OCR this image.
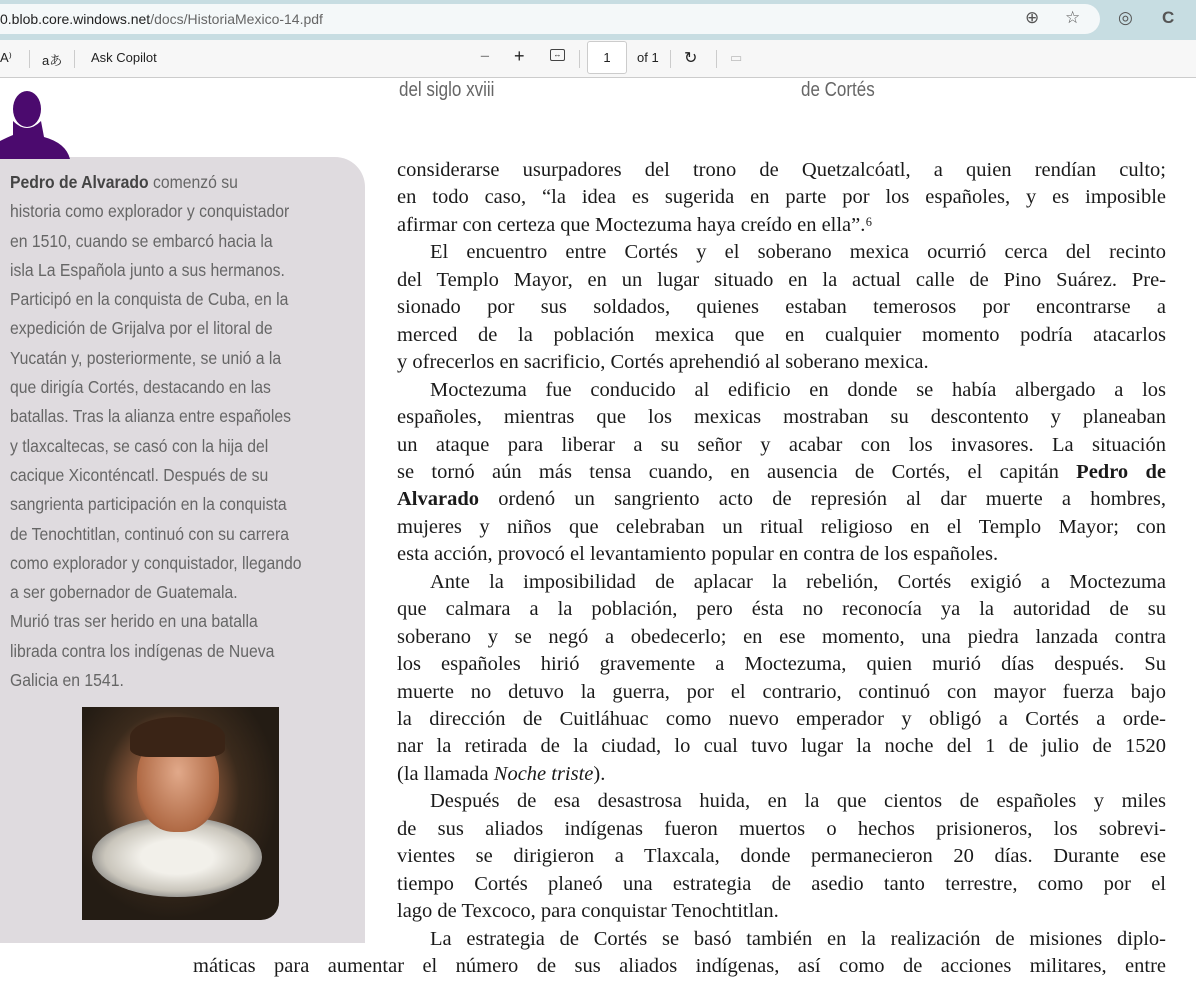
0.blob.core.windows.net/docs/HistoriaMexico-14.pdf	⊕ ☆ ◎ C
A⁾ aあ Ask Copilot	− +	↔	1	of 1 ↻	▭
del siglo xviii	de Cortés
Pedro de Alvarado comenzó su
historia como explorador y conquistador
en 1510, cuando se embarcó hacia la
isla La Española junto a sus hermanos.
Participó en la conquista de Cuba, en la
expedición de Grijalva por el litoral de
Yucatán y, posteriormente, se unió a la
que dirigía Cortés, destacando en las
batallas. Tras la alianza entre españoles
y tlaxcaltecas, se casó con la hija del
cacique Xiconténcatl. Después de su
sangrienta participación en la conquista
de Tenochtitlan, continuó con su carrera
como explorador y conquistador, llegando
a ser gobernador de Guatemala.
Murió tras ser herido en una batalla
librada contra los indígenas de Nueva
Galicia en 1541.
considerarse usurpadores del trono de Quetzalcóatl, a quien rendían culto;
en todo caso, “la idea es sugerida en parte por los españoles, y es imposible
afirmar con certeza que Moctezuma haya creído en ella”.⁶
El encuentro entre Cortés y el soberano mexica ocurrió cerca del recinto
del Templo Mayor, en un lugar situado en la actual calle de Pino Suárez. Pre-
sionado por sus soldados, quienes estaban temerosos por encontrarse a
merced de la población mexica que en cualquier momento podría atacarlos
y ofrecerlos en sacrificio, Cortés aprehendió al soberano mexica.
Moctezuma fue conducido al edificio en donde se había albergado a los
españoles, mientras que los mexicas mostraban su descontento y planeaban
un ataque para liberar a su señor y acabar con los invasores. La situación
se tornó aún más tensa cuando, en ausencia de Cortés, el capitán Pedro de
Alvarado ordenó un sangriento acto de represión al dar muerte a hombres,
mujeres y niños que celebraban un ritual religioso en el Templo Mayor; con
esta acción, provocó el levantamiento popular en contra de los españoles.
Ante la imposibilidad de aplacar la rebelión, Cortés exigió a Moctezuma
que calmara a la población, pero ésta no reconocía ya la autoridad de su
soberano y se negó a obedecerlo; en ese momento, una piedra lanzada contra
los españoles hirió gravemente a Moctezuma, quien murió días después. Su
muerte no detuvo la guerra, por el contrario, continuó con mayor fuerza bajo
la dirección de Cuitláhuac como nuevo emperador y obligó a Cortés a orde-
nar la retirada de la ciudad, lo cual tuvo lugar la noche del 1 de julio de 1520
(la llamada Noche triste).
Después de esa desastrosa huida, en la que cientos de españoles y miles
de sus aliados indígenas fueron muertos o hechos prisioneros, los sobrevi-
vientes se dirigieron a Tlaxcala, donde permanecieron 20 días. Durante ese
tiempo Cortés planeó una estrategia de asedio tanto terrestre, como por el
lago de Texcoco, para conquistar Tenochtitlan.
La estrategia de Cortés se basó también en la realización de misiones diplo-
máticas para aumentar el número de sus aliados indígenas, así como de acciones militares, entre
